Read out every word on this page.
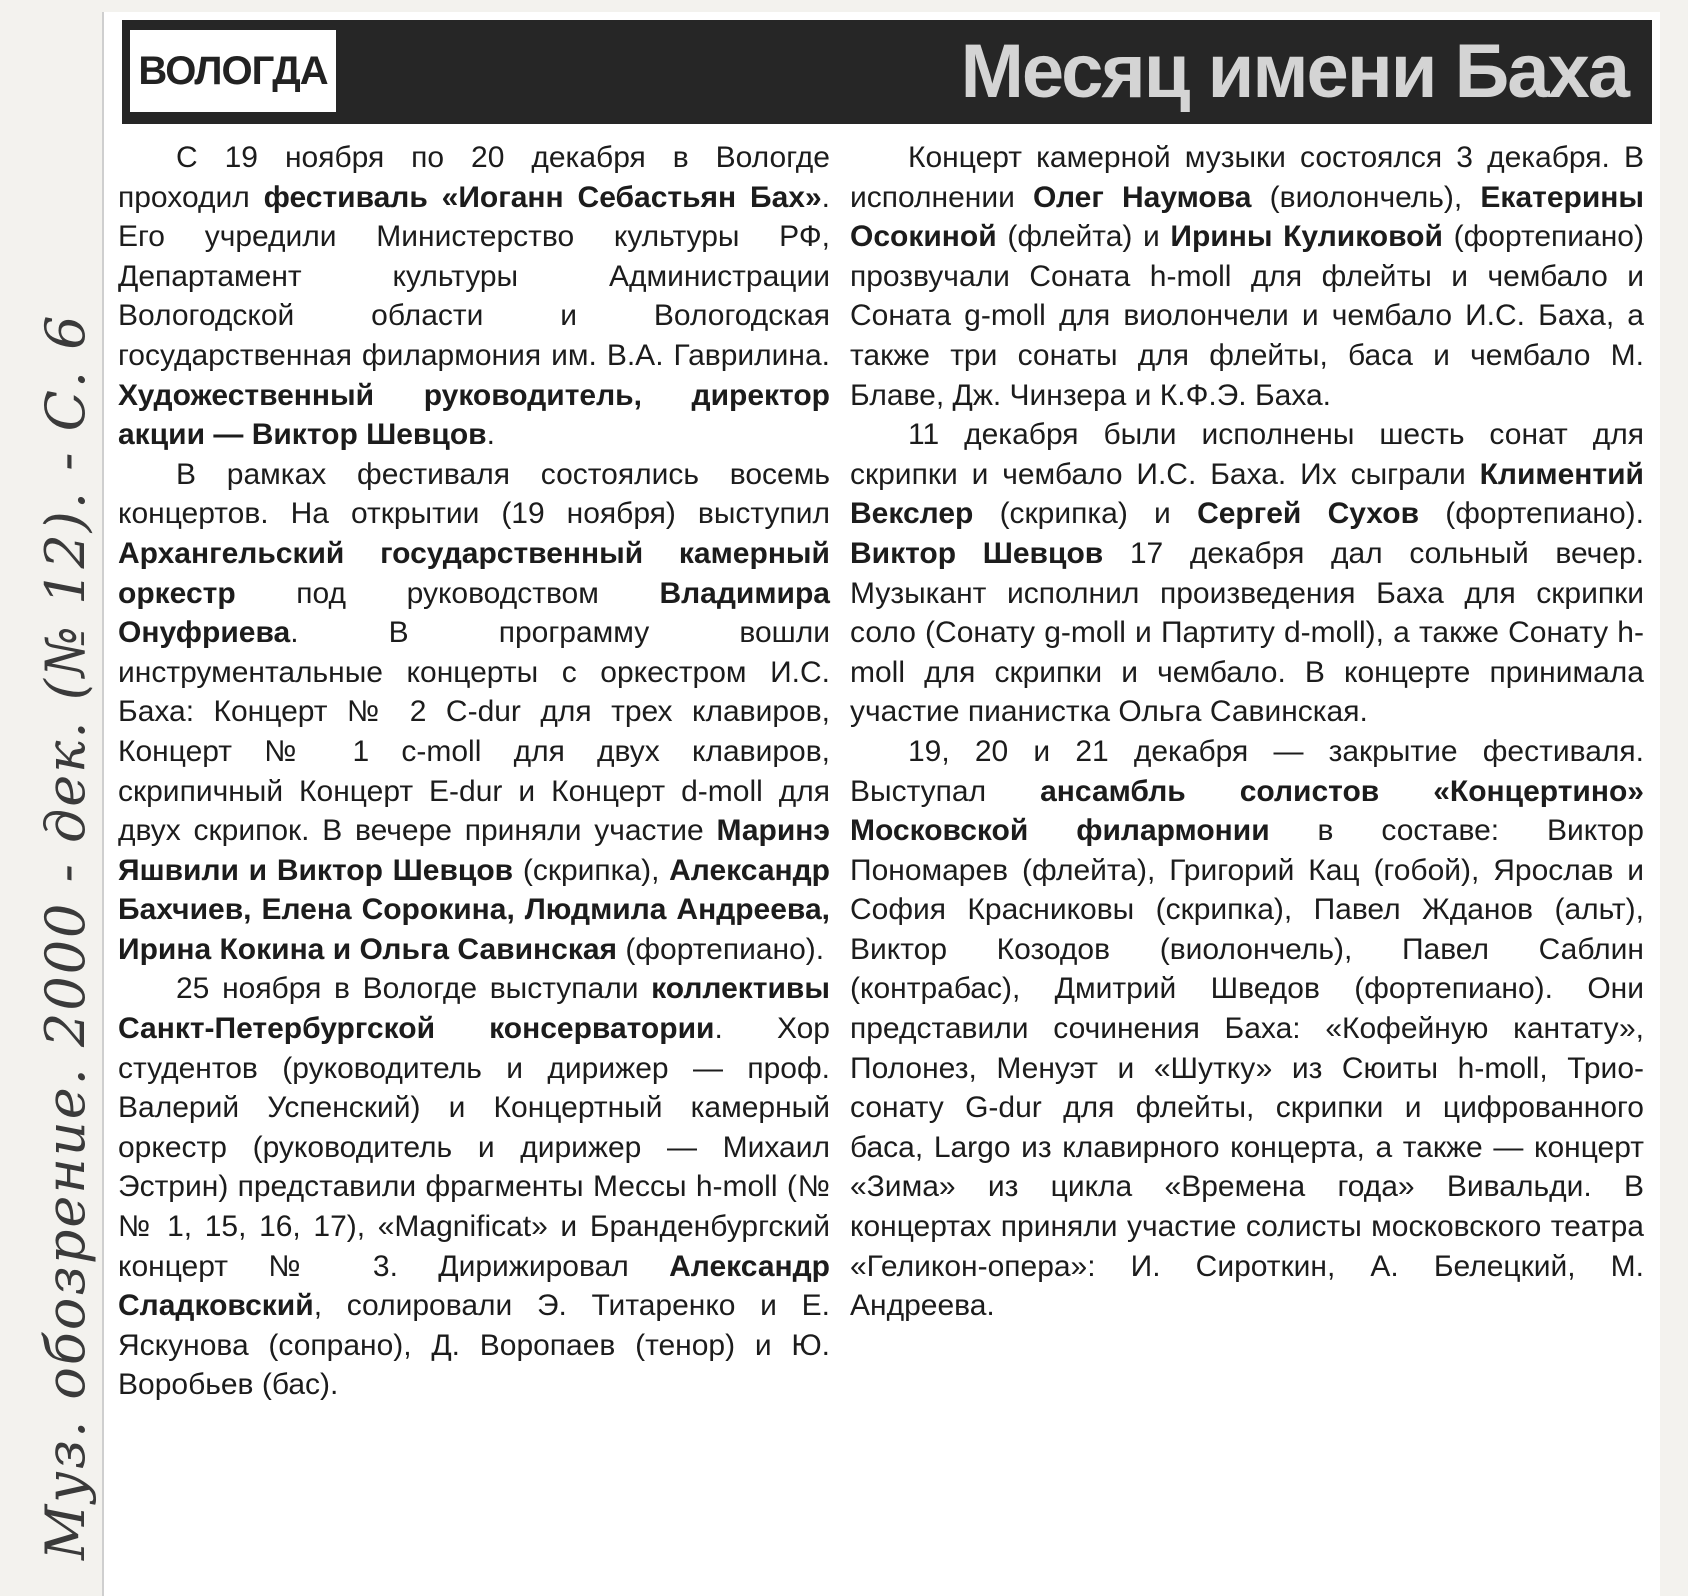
Муз. обозрение. 2000 - дек. (№ 12). - С. 6
ВОЛОГДА	Месяц имени Баха

С 19 ноября по 20 декабря в Вологде проходил фестиваль «Иоганн Себастьян Бах». Его учредили Министерство культуры РФ, Департамент культуры Администрации Вологодской области и Вологодская государственная филармония им. В.А. Гаврилина. Художественный руководитель, директор акции — Виктор Шевцов.

В рамках фестиваля состоялись восемь концертов. На открытии (19 ноября) выступил Архангельский государственный камерный оркестр под руководством Владимира Онуфриева. В программу вошли инструментальные концерты с оркестром И.С. Баха: Концерт № 2 C-dur для трех клавиров, Концерт № 1 c-moll для двух клавиров, скрипичный Концерт E-dur и Концерт d-moll для двух скрипок. В вечере приняли участие Маринэ Яшвили и Виктор Шевцов (скрипка), Александр Бахчиев, Елена Сорокина, Людмила Андреева, Ирина Кокина и Ольга Савинская (фортепиано).

25 ноября в Вологде выступали коллективы Санкт-Петербургской консерватории. Хор студентов (руководитель и дирижер — проф. Валерий Успенский) и Концертный камерный оркестр (руководитель и дирижер — Михаил Эстрин) представили фрагменты Мессы h-moll (№№ 1, 15, 16, 17), «Magnificat» и Бранденбургский концерт № 3. Дирижировал Александр Сладковский, солировали Э. Титаренко и Е. Яскунова (сопрано), Д. Воропаев (тенор) и Ю. Воробьев (бас).

Концерт камерной музыки состоялся 3 декабря. В исполнении Олег Наумова (виолончель), Екатерины Осокиной (флейта) и Ирины Куликовой (фортепиано) прозвучали Соната h-moll для флейты и чембало и Соната g-moll для виолончели и чембало И.С. Баха, а также три сонаты для флейты, баса и чембало М. Блаве, Дж. Чинзера и К.Ф.Э. Баха.

11 декабря были исполнены шесть сонат для скрипки и чембало И.С. Баха. Их сыграли Климентий Векслер (скрипка) и Сергей Сухов (фортепиано). Виктор Шевцов 17 декабря дал сольный вечер. Музыкант исполнил произведения Баха для скрипки соло (Сонату g-moll и Партиту d-moll), а также Сонату h-moll для скрипки и чембало. В концерте принимала участие пианистка Ольга Савинская.

19, 20 и 21 декабря — закрытие фестиваля. Выступал ансамбль солистов «Концертино» Московской филармонии в составе: Виктор Пономарев (флейта), Григорий Кац (гобой), Ярослав и София Красниковы (скрипка), Павел Жданов (альт), Виктор Козодов (виолончель), Павел Саблин (контрабас), Дмитрий Шведов (фортепиано). Они представили сочинения Баха: «Кофейную кантату», Полонез, Менуэт и «Шутку» из Сюиты h-moll, Трио-сонату G-dur для флейты, скрипки и цифрованного баса, Largo из клавирного концерта, а также — концерт «Зима» из цикла «Времена года» Вивальди. В концертах приняли участие солисты московского театра «Геликон-опера»: И. Сироткин, А. Белецкий, М. Андреева.
